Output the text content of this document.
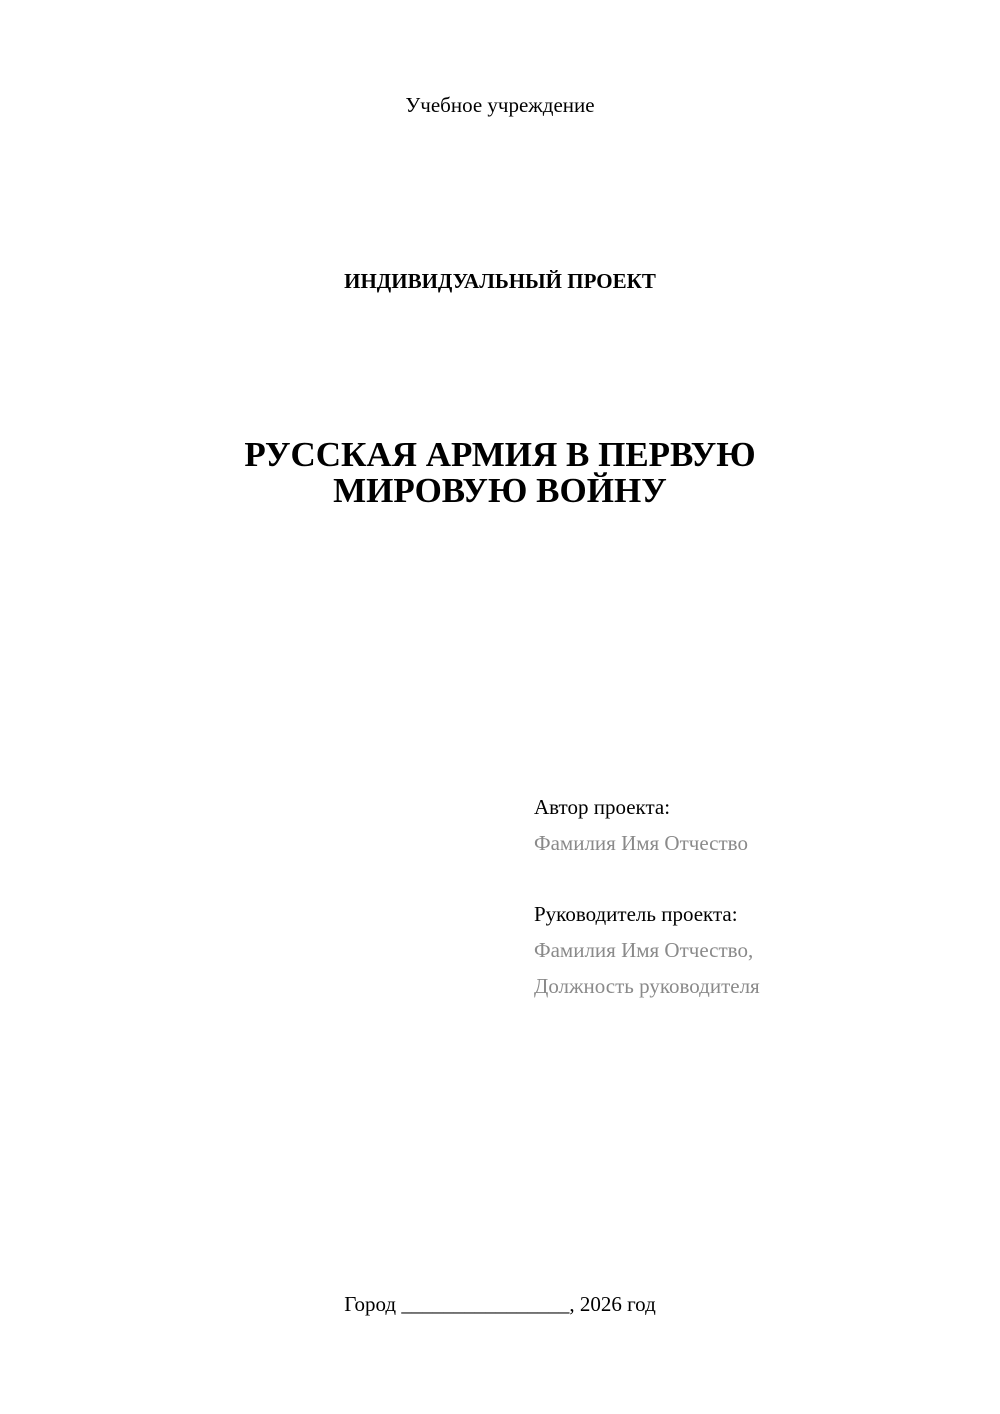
Учебное учреждение
ИНДИВИДУАЛЬНЫЙ ПРОЕКТ
РУССКАЯ АРМИЯ В ПЕРВУЮ
МИРОВУЮ ВОЙНУ
Автор проекта:
Фамилия Имя Отчество
Руководитель проекта:
Фамилия Имя Отчество,
Должность руководителя
Город ________________, 2026 год
